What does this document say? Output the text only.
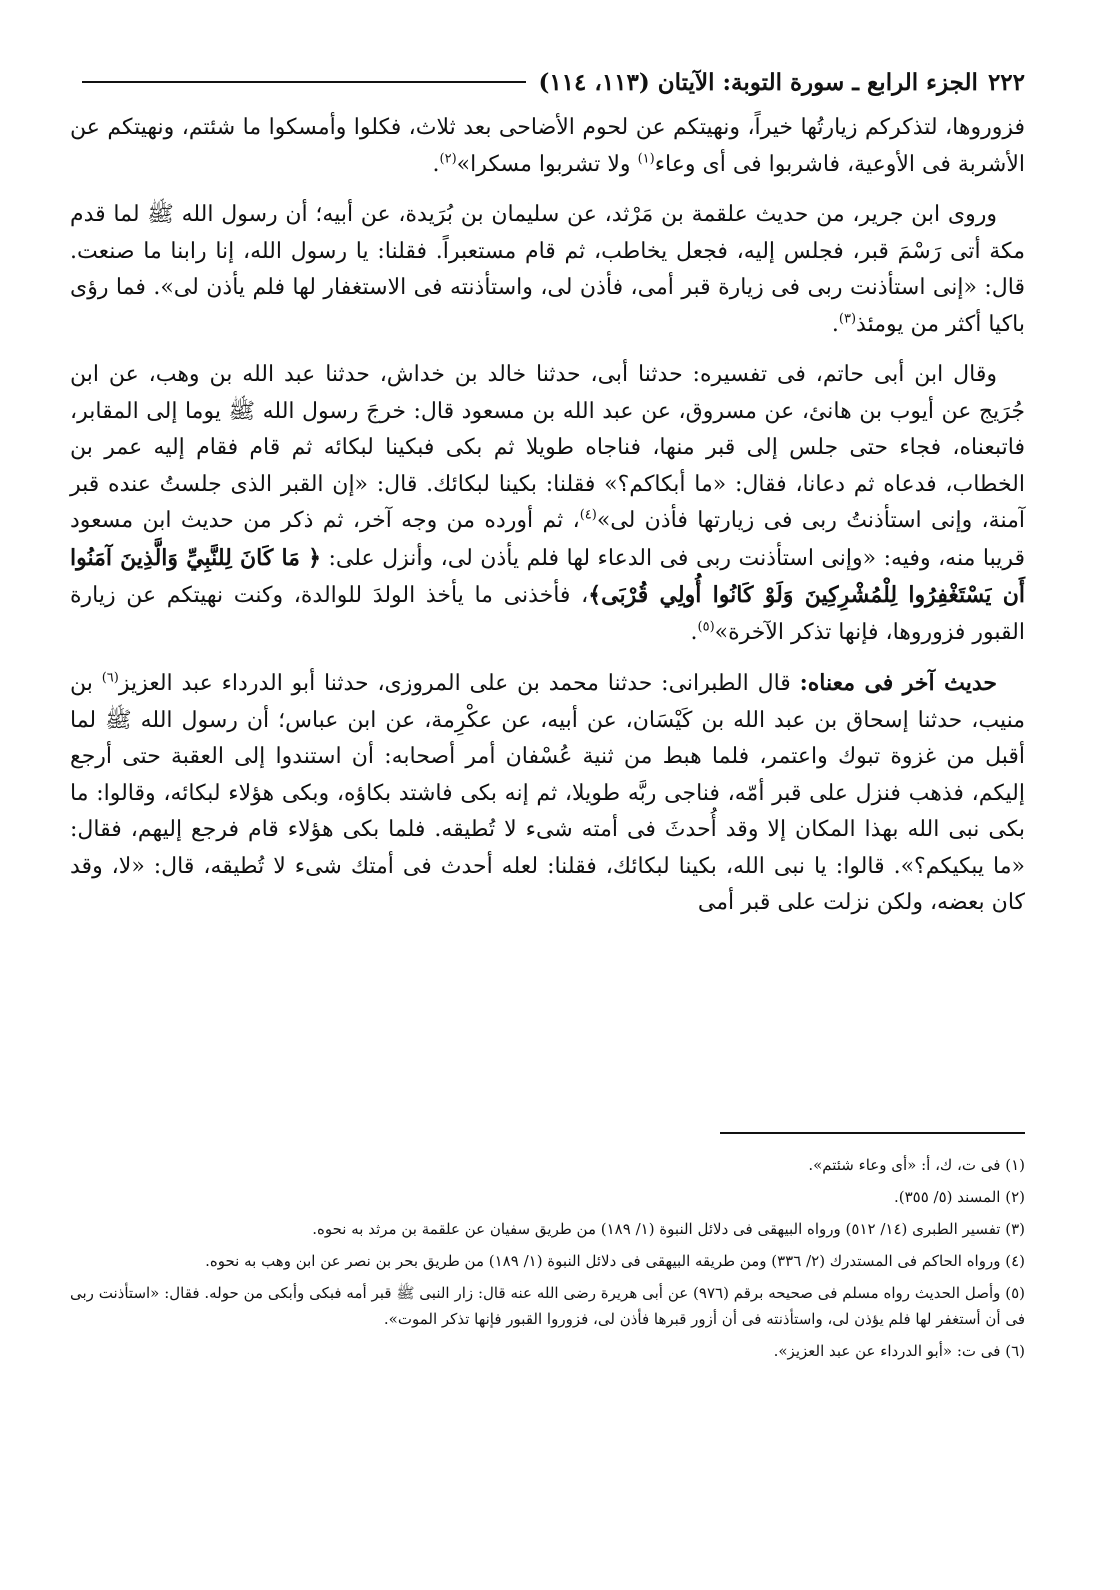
٢٢٢
الجزء الرابع ـ سورة التوبة: الآيتان (١١٣، ١١٤)

فزوروها، لتذكركم زيارتُها خيراً، ونهيتكم عن لحوم الأضاحى بعد ثلاث، فكلوا وأمسكوا ما شئتم، ونهيتكم عن الأشربة فى الأوعية، فاشربوا فى أى وعاء$^{(١)}$ ولا تشربوا مسكرا»$^{(٢)}$.

وروى ابن جرير، من حديث علقمة بن مَرْثد، عن سليمان بن بُرَيدة، عن أبيه؛ أن رسول الله ﷺ لما قدم مكة أتى رَسْمَ قبر، فجلس إليه، فجعل يخاطب، ثم قام مستعبراً. فقلنا: يا رسول الله، إنا رابنا ما صنعت. قال: «إنى استأذنت ربى فى زيارة قبر أمى، فأذن لى، واستأذنته فى الاستغفار لها فلم يأذن لى». فما رؤى باكيا أكثر من يومئذ$^{(٣)}$.

وقال ابن أبى حاتم، فى تفسيره: حدثنا أبى، حدثنا خالد بن خداش، حدثنا عبد الله بن وهب، عن ابن جُرَيج عن أيوب بن هانئ، عن مسروق، عن عبد الله بن مسعود قال: خرجَ رسول الله ﷺ يوما إلى المقابر، فاتبعناه، فجاء حتى جلس إلى قبر منها، فناجاه طويلا ثم بكى فبكينا لبكائه ثم قام فقام إليه عمر بن الخطاب، فدعاه ثم دعانا، فقال: «ما أبكاكم؟» فقلنا: بكينا لبكائك. قال: «إن القبر الذى جلستُ عنده قبر آمنة، وإنى استأذنتُ ربى فى زيارتها فأذن لى»$^{(٤)}$، ثم أورده من وجه آخر، ثم ذكر من حديث ابن مسعود قريبا منه، وفيه: «وإنى استأذنت ربى فى الدعاء لها فلم يأذن لى، وأنزل على: ﴿ مَا كَانَ لِلنَّبِيِّ وَالَّذِينَ آمَنُوا أَن يَسْتَغْفِرُوا لِلْمُشْرِكِينَ وَلَوْ كَانُوا أُولِي قُرْبَى﴾، فأخذنى ما يأخذ الولدَ للوالدة، وكنت نهيتكم عن زيارة القبور فزوروها، فإنها تذكر الآخرة»$^{(٥)}$.

حديث آخر فى معناه: قال الطبرانى: حدثنا محمد بن على المروزى، حدثنا أبو الدرداء عبد العزيز$^{(٦)}$ بن منيب، حدثنا إسحاق بن عبد الله بن كَيْسَان، عن أبيه، عن عكْرِمة، عن ابن عباس؛ أن رسول الله ﷺ لما أقبل من غزوة تبوك واعتمر، فلما هبط من ثنية عُسْفان أمر أصحابه: أن استندوا إلى العقبة حتى أرجع إليكم، فذهب فنزل على قبر أمّه، فناجى ربَّه طويلا، ثم إنه بكى فاشتد بكاؤه، وبكى هؤلاء لبكائه، وقالوا: ما بكى نبى الله بهذا المكان إلا وقد أُحدثَ فى أمته شىء لا تُطيقه. فلما بكى هؤلاء قام فرجع إليهم، فقال: «ما يبكيكم؟». قالوا: يا نبى الله، بكينا لبكائك، فقلنا: لعله أحدث فى أمتك شىء لا تُطيقه، قال: «لا، وقد كان بعضه، ولكن نزلت على قبر أمى

(١) فى ت، ك، أ: «أى وعاء شئتم».

(٢) المسند (٥/ ٣٥٥).

(٣) تفسير الطبرى (١٤/ ٥١٢) ورواه البيهقى فى دلائل النبوة (١/ ١٨٩) من طريق سفيان عن علقمة بن مرثد به نحوه.

(٤) ورواه الحاكم فى المستدرك (٢/ ٣٣٦) ومن طريقه البيهقى فى دلائل النبوة (١/ ١٨٩) من طريق بحر بن نصر عن ابن وهب به نحوه.

(٥) وأصل الحديث رواه مسلم فى صحيحه برقم (٩٧٦) عن أبى هريرة رضى الله عنه قال: زار النبى ﷺ قبر أمه فبكى وأبكى من حوله. فقال: «استأذنت ربى فى أن أستغفر لها فلم يؤذن لى، واستأذنته فى أن أزور قبرها فأذن لى، فزوروا القبور فإنها تذكر الموت».

(٦) فى ت: «أبو الدرداء عن عبد العزيز».
